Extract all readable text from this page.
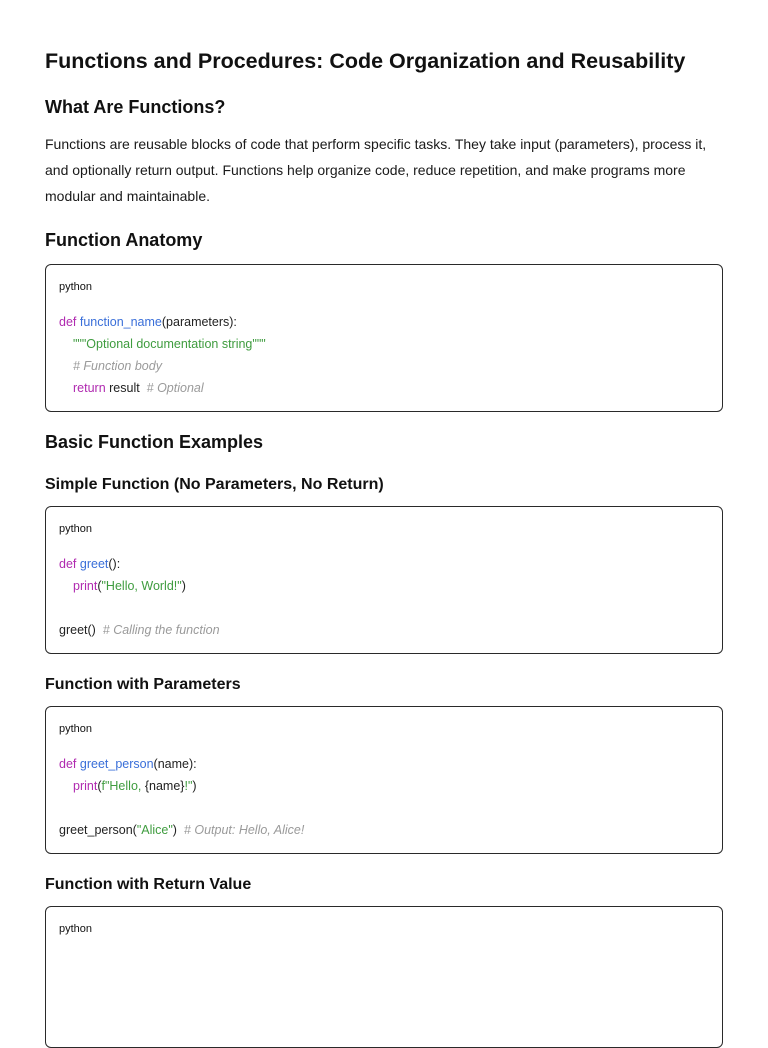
Functions and Procedures: Code Organization and Reusability
What Are Functions?

Functions are reusable blocks of code that perform specific tasks. They take input (parameters), process it, and optionally return output. Functions help organize code, reduce repetition, and make programs more modular and maintainable.

Function Anatomy
python
def function_name(parameters):
"""Optional documentation string"""
# Function body
return result # Optional
Basic Function Examples
Simple Function (No Parameters, No Return)
python
def greet():
print("Hello, World!")

greet() # Calling the function
Function with Parameters
python
def greet_person(name):
print(f"Hello, {name}!")

greet_person("Alice") # Output: Hello, Alice!
Function with Return Value
python
